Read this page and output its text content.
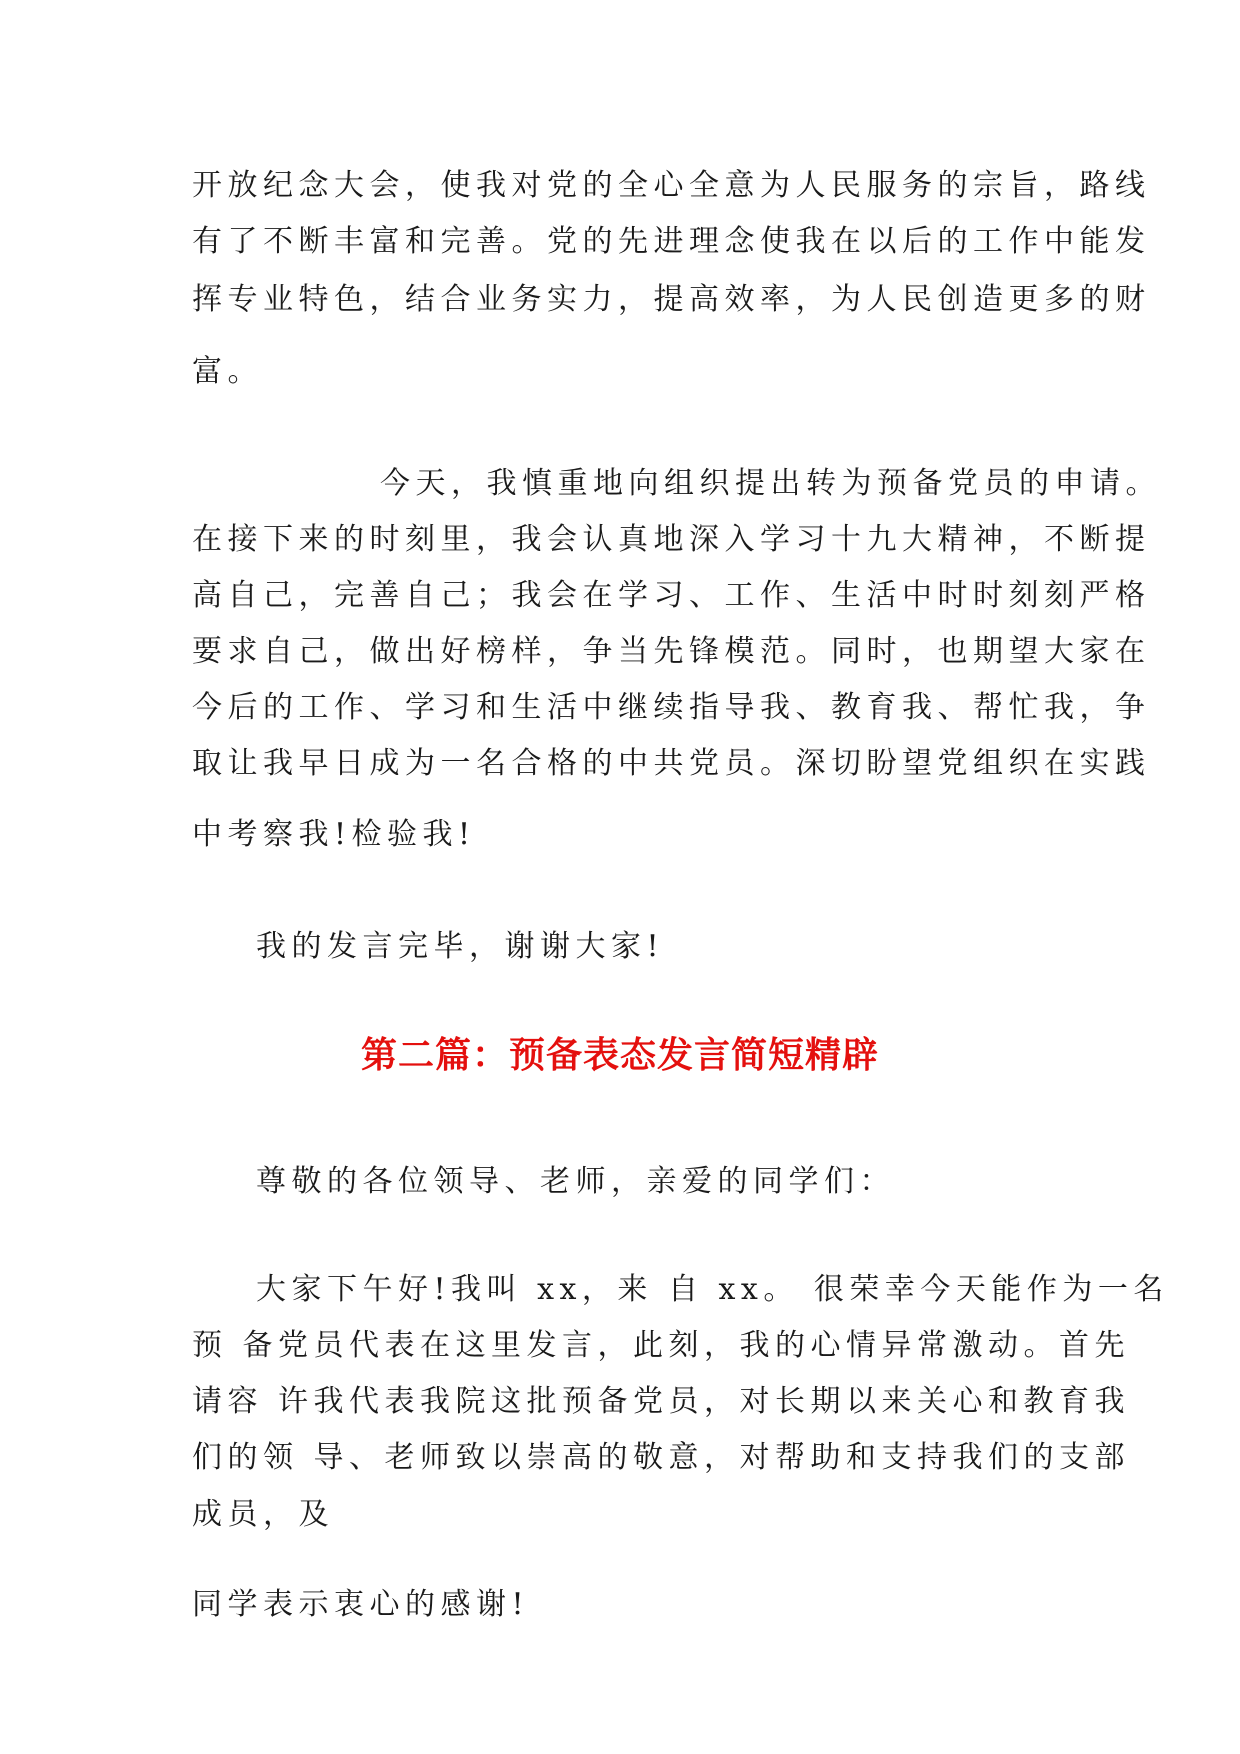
开放纪念大会，使我对党的全心全意为人民服务的宗旨，路线

有了不断丰富和完善。党的先进理念使我在以后的工作中能发

挥专业特色，结合业务实力，提高效率，为人民创造更多的财

富。

今天，我慎重地向组织提出转为预备党员的申请。

在接下来的时刻里，我会认真地深入学习十九大精神，不断提

高自己，完善自己；我会在学习、工作、生活中时时刻刻严格

要求自己，做出好榜样，争当先锋模范。同时，也期望大家在

今后的工作、学习和生活中继续指导我、教育我、帮忙我，争

取让我早日成为一名合格的中共党员。深切盼望党组织在实践

中考察我!检验我!

我的发言完毕，谢谢大家!

第二篇：预备表态发言简短精辟

尊敬的各位领导、老师，亲爱的同学们：

大家下午好!我叫 xx，来 自 xx。 很荣幸今天能作为一名

预 备党员代表在这里发言，此刻，我的心情异常激动。首先

请容 许我代表我院这批预备党员，对长期以来关心和教育我

们的领 导、老师致以崇高的敬意，对帮助和支持我们的支部

成员，及

同学表示衷心的感谢!
